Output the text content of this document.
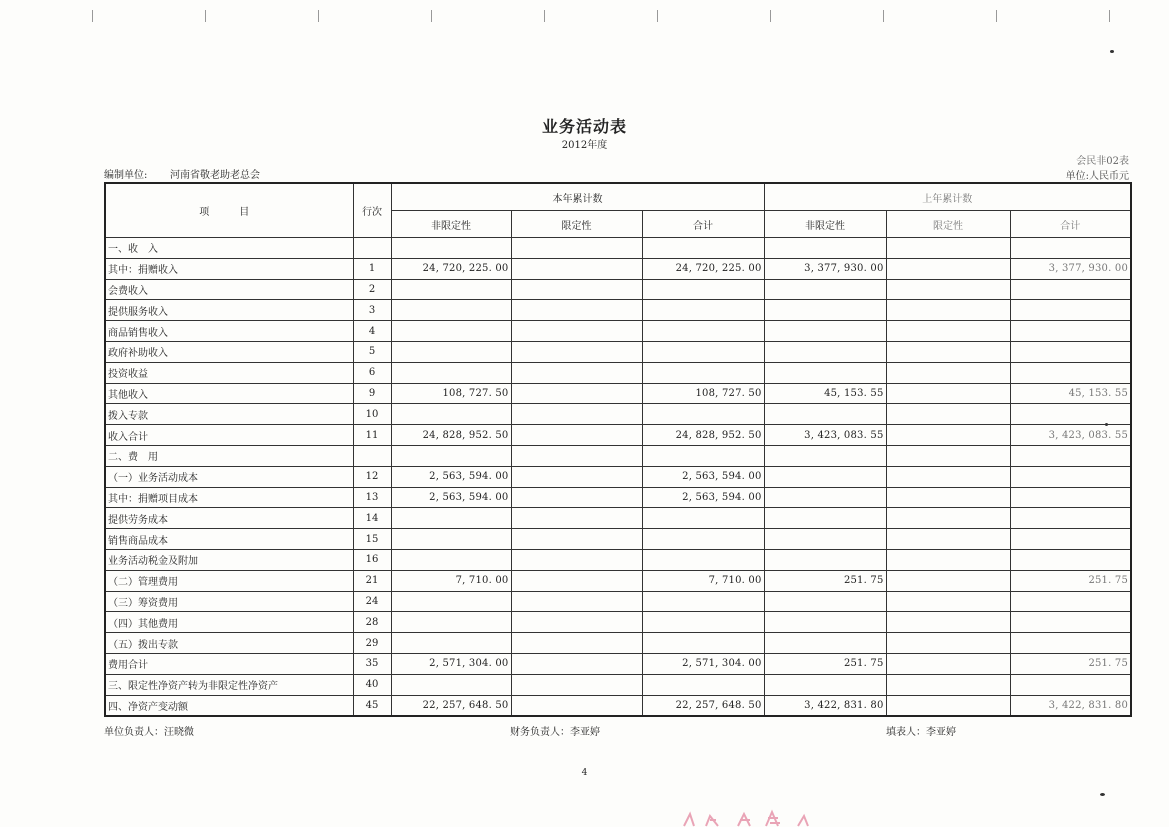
业务活动表
2012年度
会民非02表
单位:人民币元
编制单位: 河南省敬老助老总会
项　目	行次	本年累计数			上年累计数		
		非限定性	限定性	合计	非限定性	限定性	合计
一、收　入							
其中：捐赠收入	1	24, 720, 225. 00		24, 720, 225. 00	3, 377, 930. 00		3, 377, 930. 00
会费收入	2						
提供服务收入	3						
商品销售收入	4						
政府补助收入	5						
投资收益	6						
其他收入	9	108, 727. 50		108, 727. 50	45, 153. 55		45, 153. 55
拨入专款	10						
收入合计	11	24, 828, 952. 50		24, 828, 952. 50	3, 423, 083. 55		3, 423, 083. 55
二、费　用							
（一）业务活动成本	12	2, 563, 594. 00		2, 563, 594. 00			
其中：捐赠项目成本	13	2, 563, 594. 00		2, 563, 594. 00			
提供劳务成本	14						
销售商品成本	15						
业务活动税金及附加	16						
（二）管理费用	21	7, 710. 00		7, 710. 00	251. 75		251. 75
（三）筹资费用	24						
（四）其他费用	28						
（五）拨出专款	29						
费用合计	35	2, 571, 304. 00		2, 571, 304. 00	251. 75		251. 75
三、限定性净资产转为非限定性净资产	40						
四、净资产变动额	45	22, 257, 648. 50		22, 257, 648. 50	3, 422, 831. 80		3, 422, 831. 80
单位负责人：汪晓微	财务负责人：李亚婷	填表人：李亚婷
4
